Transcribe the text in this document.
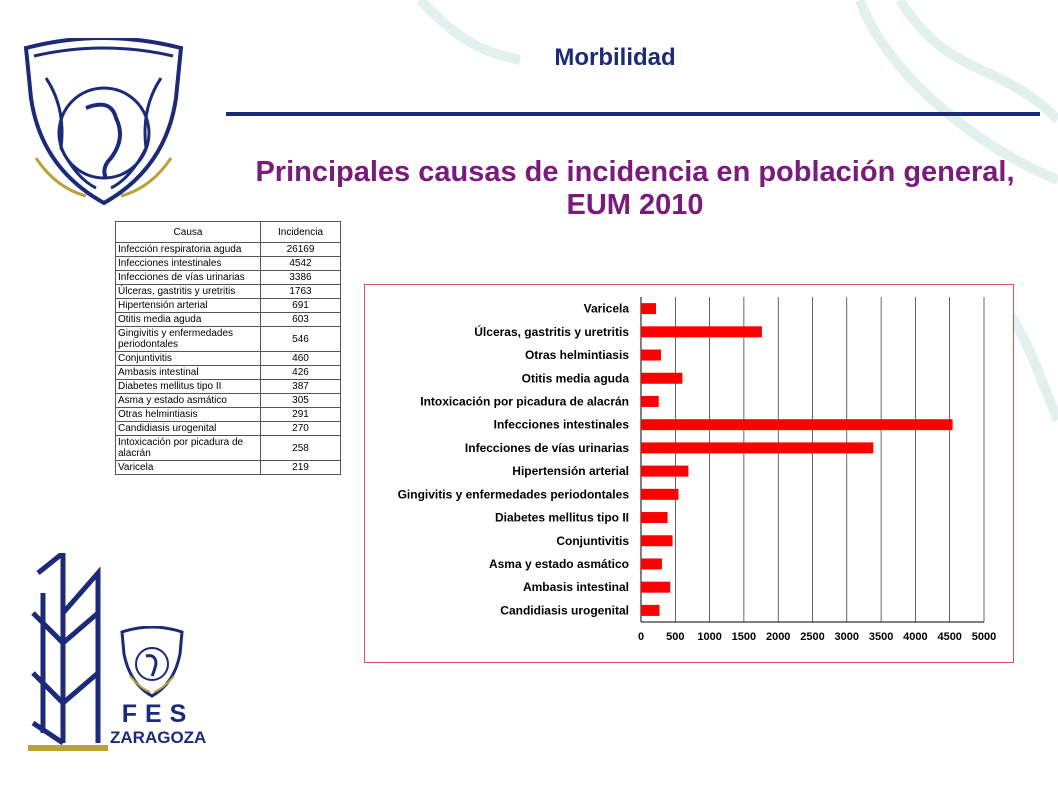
FES
ZARAGOZA
Morbilidad
Principales causas de incidencia en población general, EUM 2010
Causa	Incidencia
Infección respiratoria aguda	26169
Infecciones intestinales	4542
Infecciones de vías urinarias	3386
Úlceras, gastritis y uretritis	1763
Hipertensión arterial	691
Otitis media aguda	603
Gingivitis y enfermedades periodontales	546
Conjuntivitis	460
Ambasis intestinal	426
Diabetes mellitus tipo II	387
Asma y estado asmático	305
Otras helmintiasis	291
Candidiasis urogenital	270
Intoxicación por picadura de alacrán	258
Varicela	219
0 500 1000 1500 2000 2500 3000 3500 4000 4500 5000
Varicela
Úlceras, gastritis y uretritis
Otras helmintiasis
Otitis media aguda
Intoxicación por picadura de alacrán
Infecciones intestinales
Infecciones de vías urinarias
Hipertensión arterial
Gingivitis y enfermedades periodontales
Diabetes mellitus tipo II
Conjuntivitis
Asma y estado asmático
Ambasis intestinal
Candidiasis urogenital
